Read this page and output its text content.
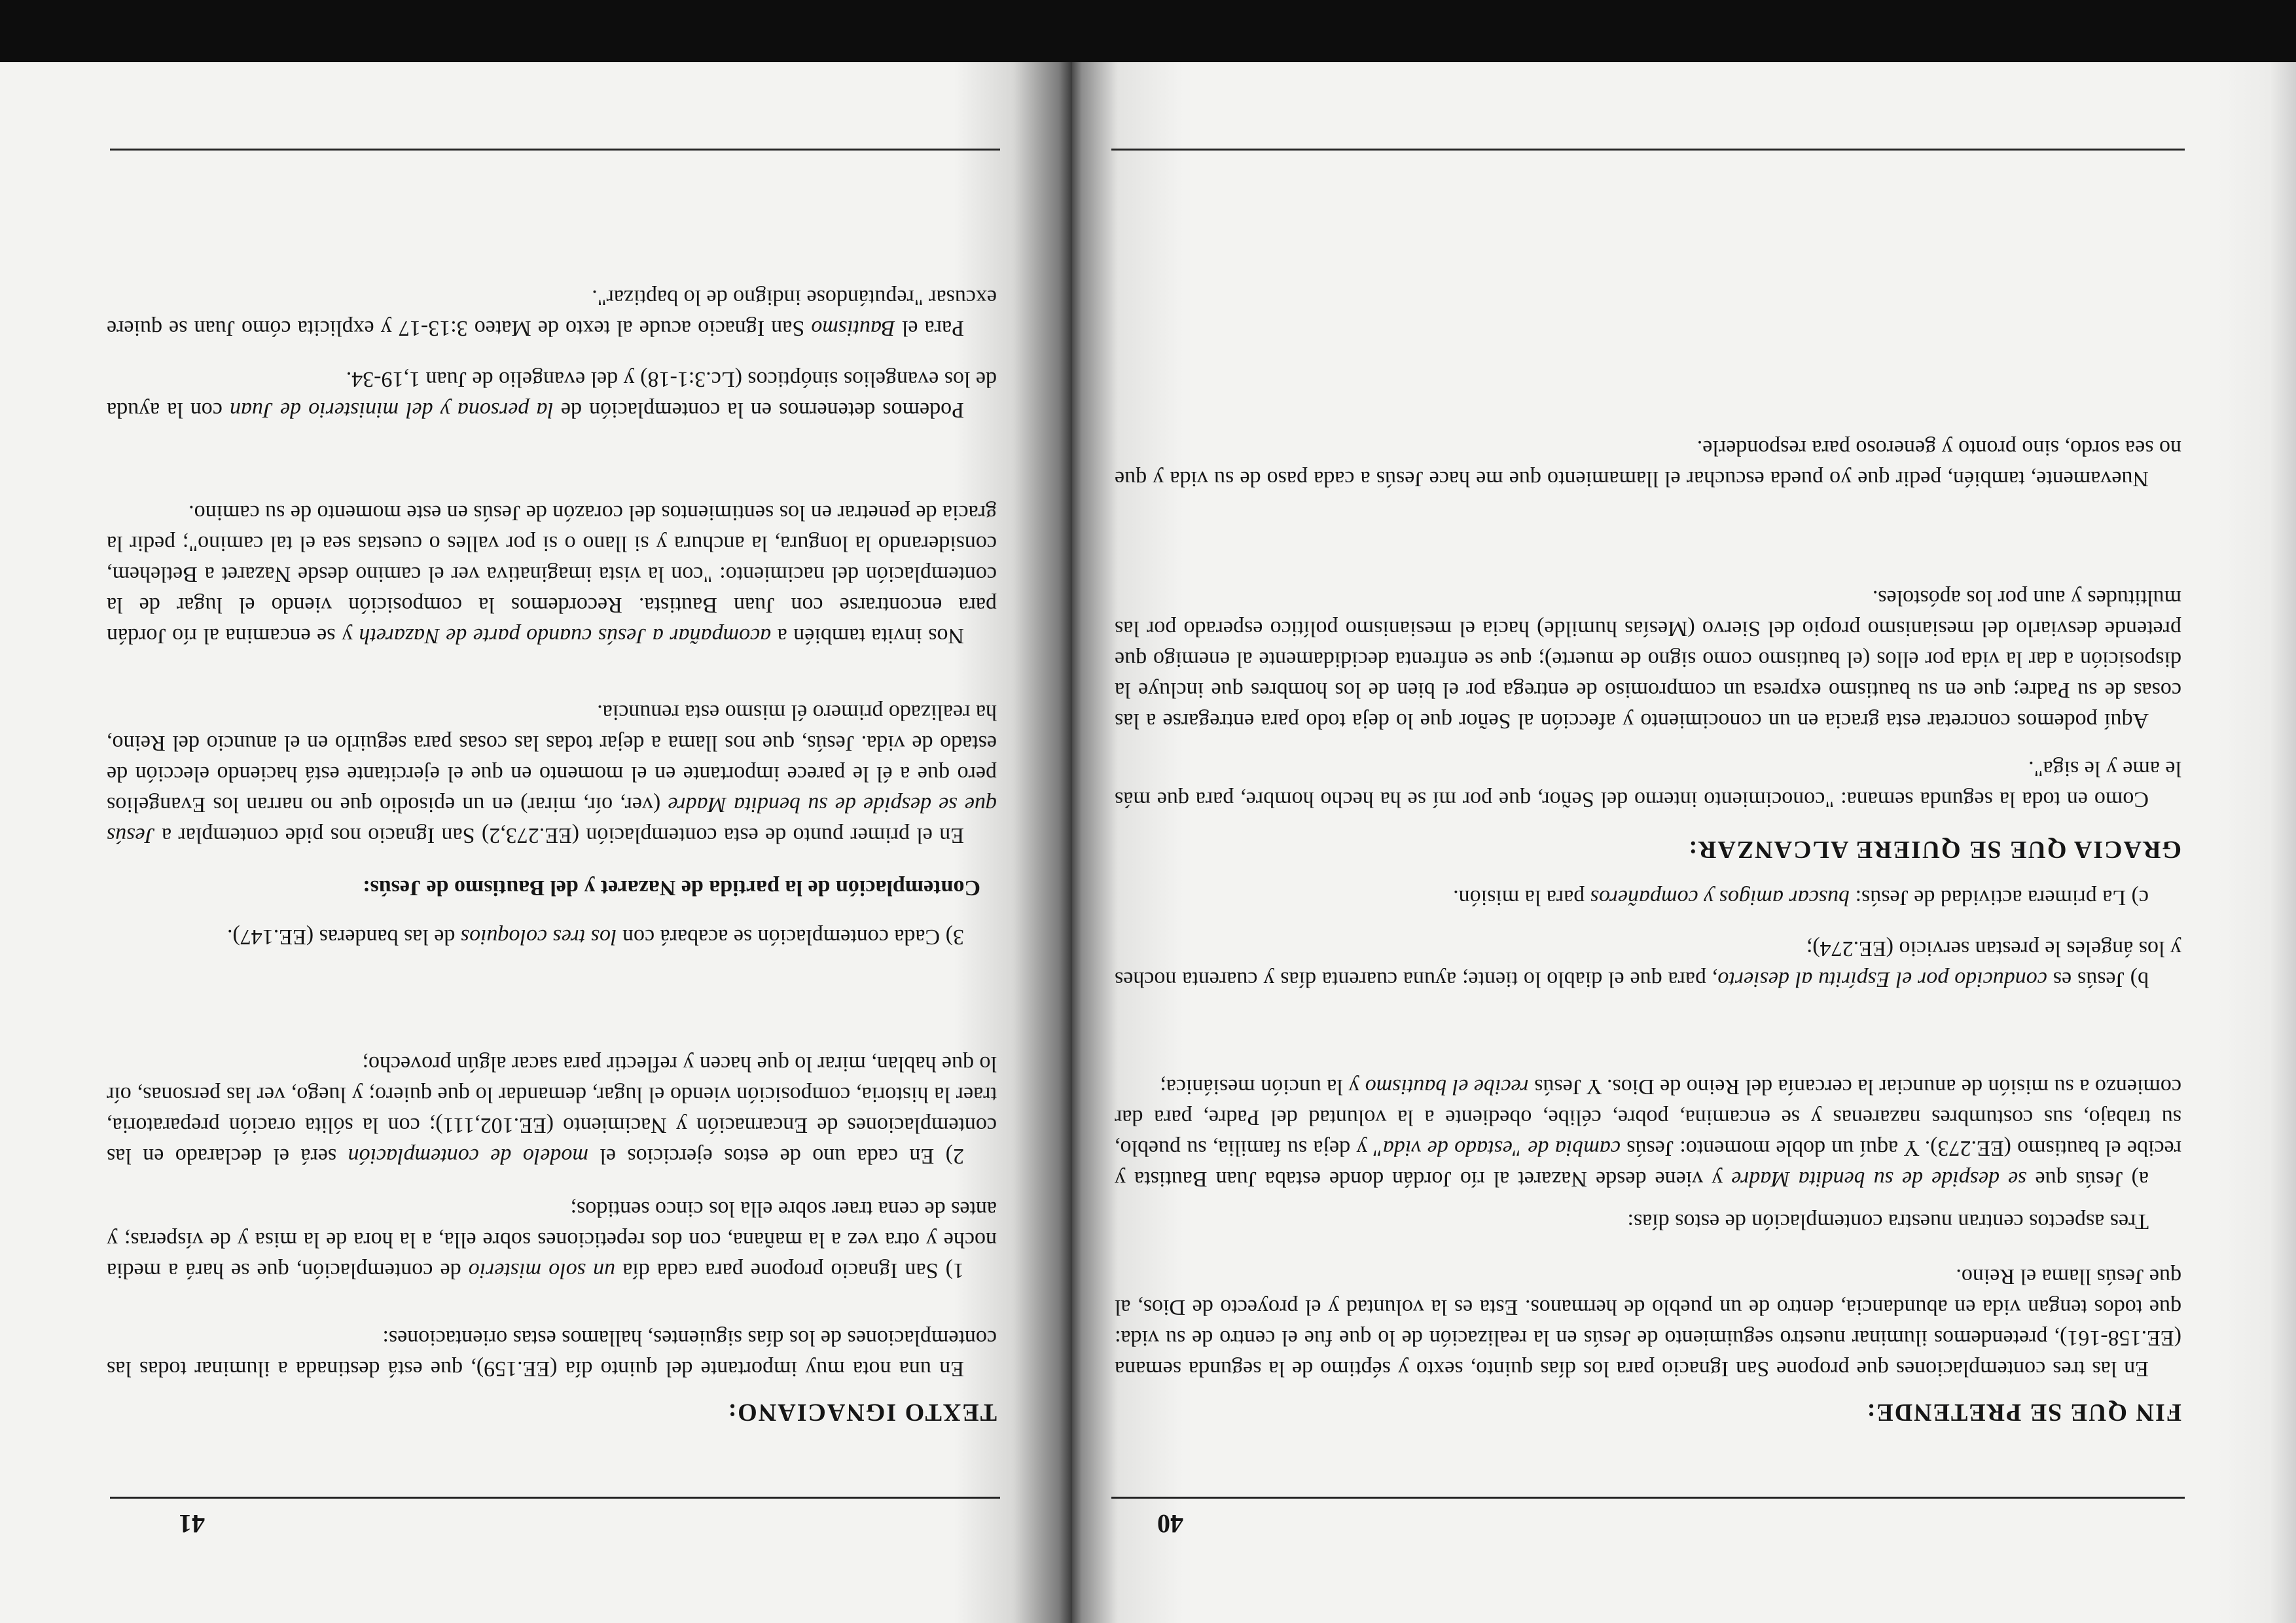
40
FIN QUE SE PRETENDE:
En las tres contemplaciones que propone San Ignacio para los días quinto, sexto y séptimo de la segunda semana (EE.158-161), pretendemos iluminar nuestro seguimiento de Jesús en la realización de lo que fue el centro de su vida: que todos tengan vida en abundancia, dentro de un pueblo de hermanos. Esta es la voluntad y el proyecto de Dios, al que Jesús llama el Reino.
Tres aspectos centran nuestra contemplación de estos días:
a) Jesús que se despide de su bendita Madre y viene desde Nazaret al río Jordán donde estaba Juan Bautista y recibe el bautismo (EE.273). Y aquí un doble momento: Jesús cambia de "estado de vida" y deja su familia, su pueblo, su trabajo, sus costumbres nazarenas y se encamina, pobre, célibe, obediente a la voluntad del Padre, para dar comienzo a su misión de anunciar la cercanía del Reino de Dios. Y Jesús recibe el bautismo y la unción mesiánica;
b) Jesús es conducido por el Espíritu al desierto, para que el diablo lo tiente; ayuna cuarenta días y cuarenta noches y los ángeles le prestan servicio (EE.274);
c) La primera actividad de Jesús: buscar amigos y compañeros para la misión.
GRACIA QUE SE QUIERE ALCANZAR:
Como en toda la segunda semana: "conocimiento interno del Señor, que por mí se ha hecho hombre, para que más le ame y le siga".
Aquí podemos concretar esta gracia en un conocimiento y afección al Señor que lo deja todo para entregarse a las cosas de su Padre; que en su bautismo expresa un compromiso de entrega por el bien de los hombres que incluye la disposición a dar la vida por ellos (el bautismo como signo de muerte); que se enfrenta decididamente al enemigo que pretende desviarlo del mesianismo propio del Siervo (Mesías humilde) hacia el mesianismo político esperado por las multitudes y aun por los apóstoles.
Nuevamente, también, pedir que yo pueda escuchar el llamamiento que me hace Jesús a cada paso de su vida y que no sea sordo, sino pronto y generoso para responderle.
41
TEXTO IGNACIANO:
En una nota muy importante del quinto día (EE.159), que está destinada a iluminar todas las contemplaciones de los días siguientes, hallamos estas orientaciones:
1) San Ignacio propone para cada día un solo misterio de contemplación, que se hará a media noche y otra vez a la mañana, con dos repeticiones sobre ella, a la hora de la misa y de vísperas; y antes de cena traer sobre ella los cinco sentidos;
2) En cada uno de estos ejercicios el modelo de contemplación será el declarado en las contemplaciones de Encarnación y Nacimiento (EE.102,111); con la sólita oración preparatoria, traer la historia, composición viendo el lugar, demandar lo que quiero; y luego, ver las personas, oír lo que hablan, mirar lo que hacen y reflectir para sacar algún provecho;
3) Cada contemplación se acabará con los tres coloquios de las banderas (EE.147).
Contemplación de la partida de Nazaret y del Bautismo de Jesús:
En el primer punto de esta contemplación (EE.273,2) San Ignacio nos pide contemplar a Jesús que se despide de su bendita Madre (ver, oír, mirar) en un episodio que no narran los Evangelios pero que a él le parece importante en el momento en que el ejercitante está haciendo elección de estado de vida. Jesús, que nos llama a dejar todas las cosas para seguirlo en el anuncio del Reino, ha realizado primero él mismo esta renuncia.
Nos invita también a acompañar a Jesús cuando parte de Nazareth y se encamina al río Jordán para encontrarse con Juan Bautista. Recordemos la composición viendo el lugar de la contemplación del nacimiento: "con la vista imaginativa ver el camino desde Nazaret a Betlehem, considerando la longura, la anchura y si llano o si por valles o cuestas sea el tal camino"; pedir la gracia de penetrar en los sentimientos del corazón de Jesús en este momento de su camino.
Podemos detenernos en la contemplación de la persona y del ministerio de Juan con la ayuda de los evangelios sinópticos (Lc.3:1-18) y del evangelio de Juan 1,19-34.
Para el Bautismo San Ignacio acude al texto de Mateo 3:13-17 y explicita cómo Juan se quiere excusar "reputándose indigno de lo baptizar".
